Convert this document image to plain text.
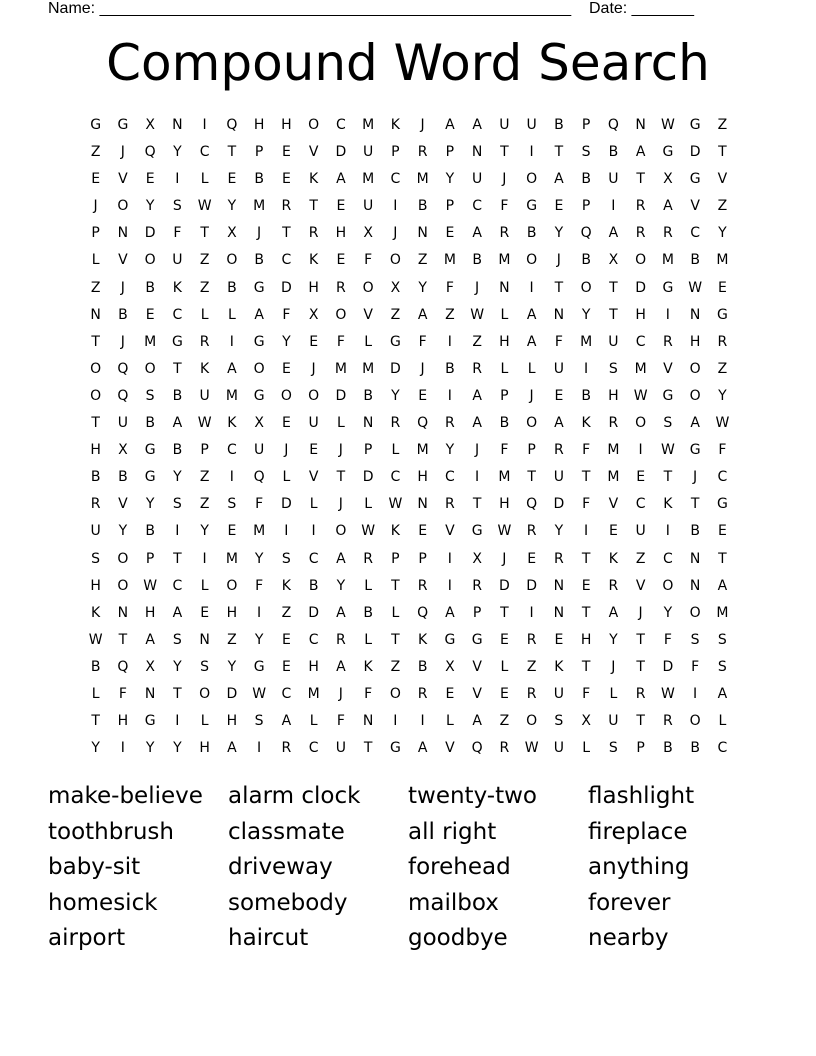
Name: _____________________________________________________    Date: _______
Compound Word Search
G	G	X	N	I	Q	H	H	O	C	M	K	J	A	A	U	U	B	P	Q	N	W	G	Z
Z	J	Q	Y	C	T	P	E	V	D	U	P	R	P	N	T	I	T	S	B	A	G	D	T
E	V	E	I	L	E	B	E	K	A	M	C	M	Y	U	J	O	A	B	U	T	X	G	V
J	O	Y	S	W	Y	M	R	T	E	U	I	B	P	C	F	G	E	P	I	R	A	V	Z
P	N	D	F	T	X	J	T	R	H	X	J	N	E	A	R	B	Y	Q	A	R	R	C	Y
L	V	O	U	Z	O	B	C	K	E	F	O	Z	M	B	M	O	J	B	X	O	M	B	M
Z	J	B	K	Z	B	G	D	H	R	O	X	Y	F	J	N	I	T	O	T	D	G	W	E
N	B	E	C	L	L	A	F	X	O	V	Z	A	Z	W	L	A	N	Y	T	H	I	N	G
T	J	M	G	R	I	G	Y	E	F	L	G	F	I	Z	H	A	F	M	U	C	R	H	R
O	Q	O	T	K	A	O	E	J	M	M	D	J	B	R	L	L	U	I	S	M	V	O	Z
O	Q	S	B	U	M	G	O	O	D	B	Y	E	I	A	P	J	E	B	H	W	G	O	Y
T	U	B	A	W	K	X	E	U	L	N	R	Q	R	A	B	O	A	K	R	O	S	A	W
H	X	G	B	P	C	U	J	E	J	P	L	M	Y	J	F	P	R	F	M	I	W	G	F
B	B	G	Y	Z	I	Q	L	V	T	D	C	H	C	I	M	T	U	T	M	E	T	J	C
R	V	Y	S	Z	S	F	D	L	J	L	W	N	R	T	H	Q	D	F	V	C	K	T	G
U	Y	B	I	Y	E	M	I	I	O	W	K	E	V	G	W	R	Y	I	E	U	I	B	E
S	O	P	T	I	M	Y	S	C	A	R	P	P	I	X	J	E	R	T	K	Z	C	N	T
H	O	W	C	L	O	F	K	B	Y	L	T	R	I	R	D	D	N	E	R	V	O	N	A
K	N	H	A	E	H	I	Z	D	A	B	L	Q	A	P	T	I	N	T	A	J	Y	O	M
W	T	A	S	N	Z	Y	E	C	R	L	T	K	G	G	E	R	E	H	Y	T	F	S	S
B	Q	X	Y	S	Y	G	E	H	A	K	Z	B	X	V	L	Z	K	T	J	T	D	F	S
L	F	N	T	O	D	W	C	M	J	F	O	R	E	V	E	R	U	F	L	R	W	I	A
T	H	G	I	L	H	S	A	L	F	N	I	I	L	A	Z	O	S	X	U	T	R	O	L
Y	I	Y	Y	H	A	I	R	C	U	T	G	A	V	Q	R	W	U	L	S	P	B	B	C
make-believe	alarm clock	twenty-two	flashlight
toothbrush	classmate	all right	fireplace
baby-sit	driveway	forehead	anything
homesick	somebody	mailbox	forever
airport	haircut	goodbye	nearby
